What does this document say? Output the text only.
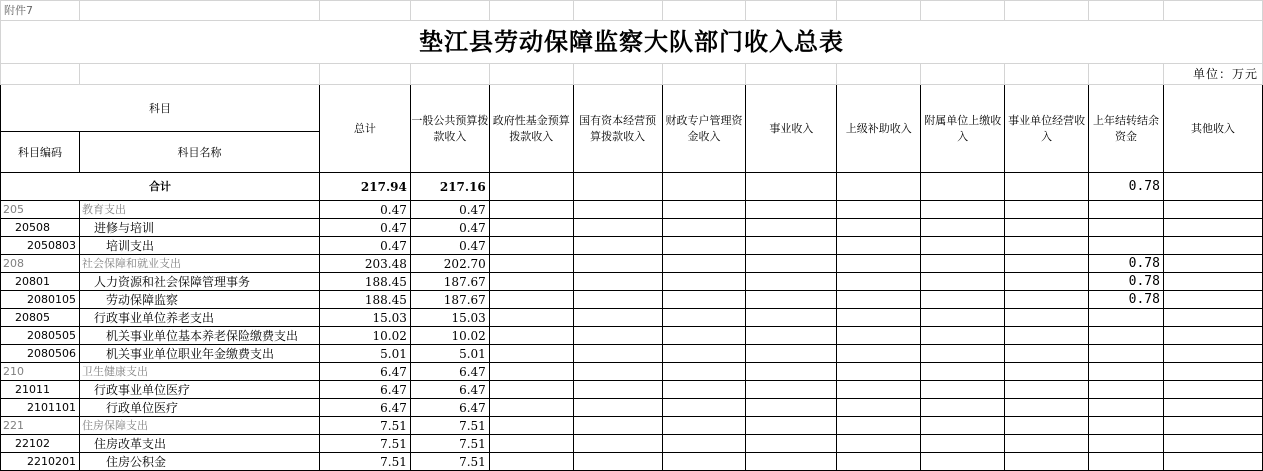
附件7												
垫江县劳动保障监察大队部门收入总表												
												单位：万元
科目		总计	一般公共预算拨款收入	政府性基金预算拨款收入	国有资本经营预算拨款收入	财政专户管理资金收入	事业收入	上级补助收入	附属单位上缴收入	事业单位经营收入	上年结转结余资金	其他收入
科目编码	科目名称											
合计		217.94	217.16								0.78	
205	教育支出	0.47	0.47									
20508	进修与培训	0.47	0.47									
2050803	培训支出	0.47	0.47									
208	社会保障和就业支出	203.48	202.70								0.78	
20801	人力资源和社会保障管理事务	188.45	187.67								0.78	
2080105	劳动保障监察	188.45	187.67								0.78	
20805	行政事业单位养老支出	15.03	15.03									
2080505	机关事业单位基本养老保险缴费支出	10.02	10.02									
2080506	机关事业单位职业年金缴费支出	5.01	5.01									
210	卫生健康支出	6.47	6.47									
21011	行政事业单位医疗	6.47	6.47									
2101101	行政单位医疗	6.47	6.47									
221	住房保障支出	7.51	7.51									
22102	住房改革支出	7.51	7.51									
2210201	住房公积金	7.51	7.51									
